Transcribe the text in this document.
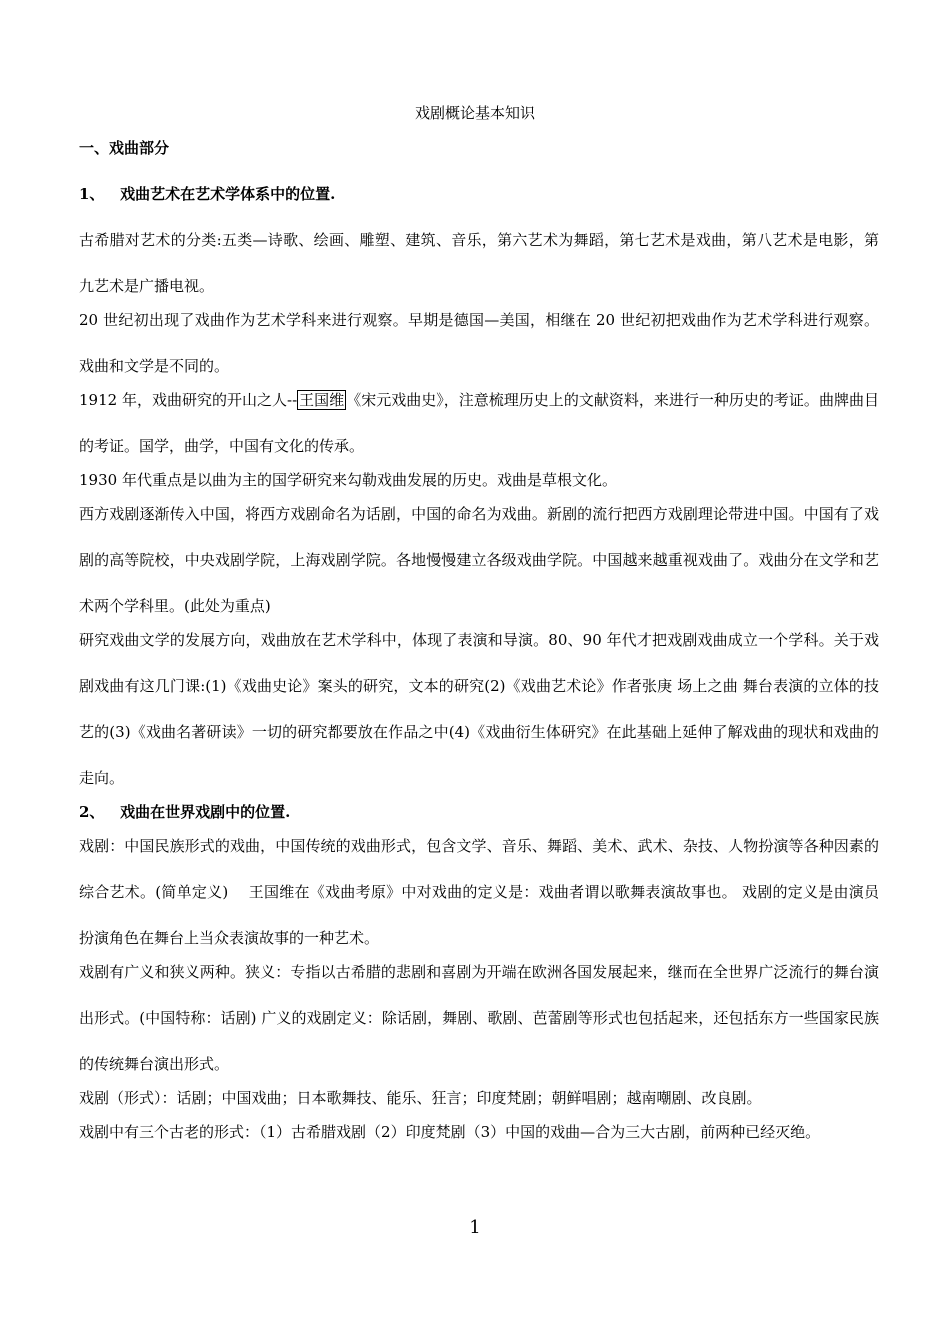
戏剧概论基本知识

一、戏曲部分

1、 戏曲艺术在艺术学体系中的位置.

古希腊对艺术的分类:五类—诗歌、绘画、雕塑、建筑、音乐，第六艺术为舞蹈，第七艺术是戏曲，第八艺术是电影，第九艺术是广播电视。

20 世纪初出现了戏曲作为艺术学科来进行观察。早期是德国—美国，相继在 20 世纪初把戏曲作为艺术学科进行观察。戏曲和文学是不同的。

1912 年，戏曲研究的开山之人-- 王国维 《宋元戏曲史》，注意梳理历史上的文献资料，来进行一种历史的考证。曲牌曲目的考证。国学，曲学，中国有文化的传承。

1930 年代重点是以曲为主的国学研究来勾勒戏曲发展的历史。戏曲是草根文化。

西方戏剧逐渐传入中国，将西方戏剧命名为话剧，中国的命名为戏曲。新剧的流行把西方戏剧理论带进中国。中国有了戏剧的高等院校，中央戏剧学院，上海戏剧学院。各地慢慢建立各级戏曲学院。中国越来越重视戏曲了。戏曲分在文学和艺术两个学科里。(此处为重点)

研究戏曲文学的发展方向，戏曲放在艺术学科中，体现了表演和导演。80、90 年代才把戏剧戏曲成立一个学科。关于戏剧戏曲有这几门课:(1)《戏曲史论》案头的研究，文本的研究(2)《戏曲艺术论》作者张庚 场上之曲 舞台表演的立体的技艺的(3)《戏曲名著研读》一切的研究都要放在作品之中(4)《戏曲衍生体研究》在此基础上延伸了解戏曲的现状和戏曲的走向。

2、 戏曲在世界戏剧中的位置.

戏剧：中国民族形式的戏曲，中国传统的戏曲形式，包含文学、音乐、舞蹈、美术、武术、杂技、人物扮演等各种因素的综合艺术。(简单定义)　 王国维在《戏曲考原》中对戏曲的定义是：戏曲者谓以歌舞表演故事也。 戏剧的定义是由演员扮演角色在舞台上当众表演故事的一种艺术。

戏剧有广义和狭义两种。狭义：专指以古希腊的悲剧和喜剧为开端在欧洲各国发展起来，继而在全世界广泛流行的舞台演出形式。(中国特称：话剧) 广义的戏剧定义：除话剧，舞剧、歌剧、芭蕾剧等形式也包括起来，还包括东方一些国家民族的传统舞台演出形式。

戏剧（形式）：话剧；中国戏曲；日本歌舞技、能乐、狂言；印度梵剧；朝鲜唱剧；越南嘲剧、改良剧。

戏剧中有三个古老的形式：（1）古希腊戏剧（2）印度梵剧（3）中国的戏曲—合为三大古剧，前两种已经灭绝。

1
